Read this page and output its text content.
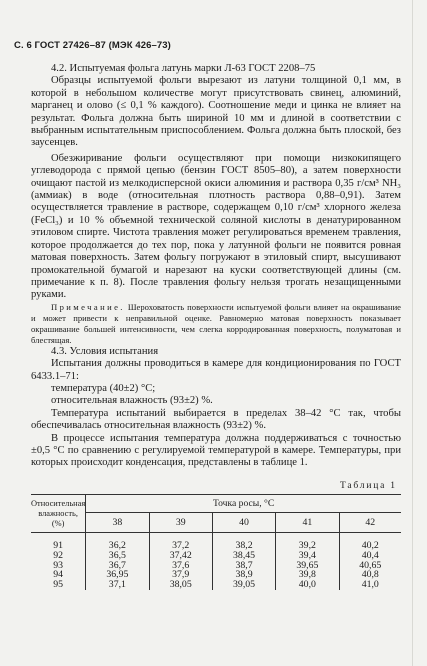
С. 6 ГОСТ 27426–87 (МЭК 426–73)

4.2. Испытуемая фольга латунь марки Л-63 ГОСТ 2208–75

Образцы испытуемой фольги вырезают из латуни толщиной 0,1 мм, в которой в небольшом количестве могут присутствовать свинец, алюминий, марганец и олово (≤ 0,1 % каждого). Соотношение меди и цинка не влияет на результат. Фольга должна быть шириной 10 мм и длиной в соответствии с выбранным испытательным приспособлением. Фольга должна быть плоской, без заусенцев.

Обезжиривание фольги осуществляют при помощи низкокипящего углеводорода с прямой цепью (бензин ГОСТ 8505–80), а затем поверхности очищают пастой из мелкодисперсной окиси алюминия и раствора 0,35 г/см³ NH₃ (аммиак) в воде (относительная плотность раствора 0,88–0,91). Затем осуществляется травление в растворе, содержащем 0,10 г/см³ хлорного железа (FeCl₃) и 10 % объемной технической соляной кислоты в денатурированном этиловом спирте. Чистота травления может регулироваться временем травления, которое продолжается до тех пор, пока у латунной фольги не появится ровная матовая поверхность. Затем фольгу погружают в этиловый спирт, высушивают промокательной бумагой и нарезают на куски соответствующей длины (см. примечание к п. 8). После травления фольгу нельзя трогать незащищенными руками.

Примечание. Шероховатость поверхности испытуемой фольги влияет на окрашивание и может привести к неправильной оценке. Равномерно матовая поверхность показывает окрашивание большей интенсивности, чем слегка корродированная поверхность, полуматовая и блестящая.

4.3. Условия испытания

Испытания должны проводиться в камере для кондиционирования по ГОСТ 6433.1–71:

температура (40±2) °С;

относительная влажность (93±2) %.

Температура испытаний выбирается в пределах 38–42 °С так, чтобы обеспечивалась относительная влажность (93±2) %.

В процессе испытания температура должна поддерживаться с точностью ±0,5 °С по сравнению с регулируемой температурой в камере. Температуры, при которых происходит конденсация, представлены в таблице 1.

Таблица 1
Относительная влажность, (%)	Точка росы, °С				
	38	39	40	41	42
91	36,2	37,2	38,2	39,2	40,2
92	36,5	37,42	38,45	39,4	40,4
93	36,7	37,6	38,7	39,65	40,65
94	36,95	37,9	38,9	39,8	40,8
95	37,1	38,05	39,05	40,0	41,0
